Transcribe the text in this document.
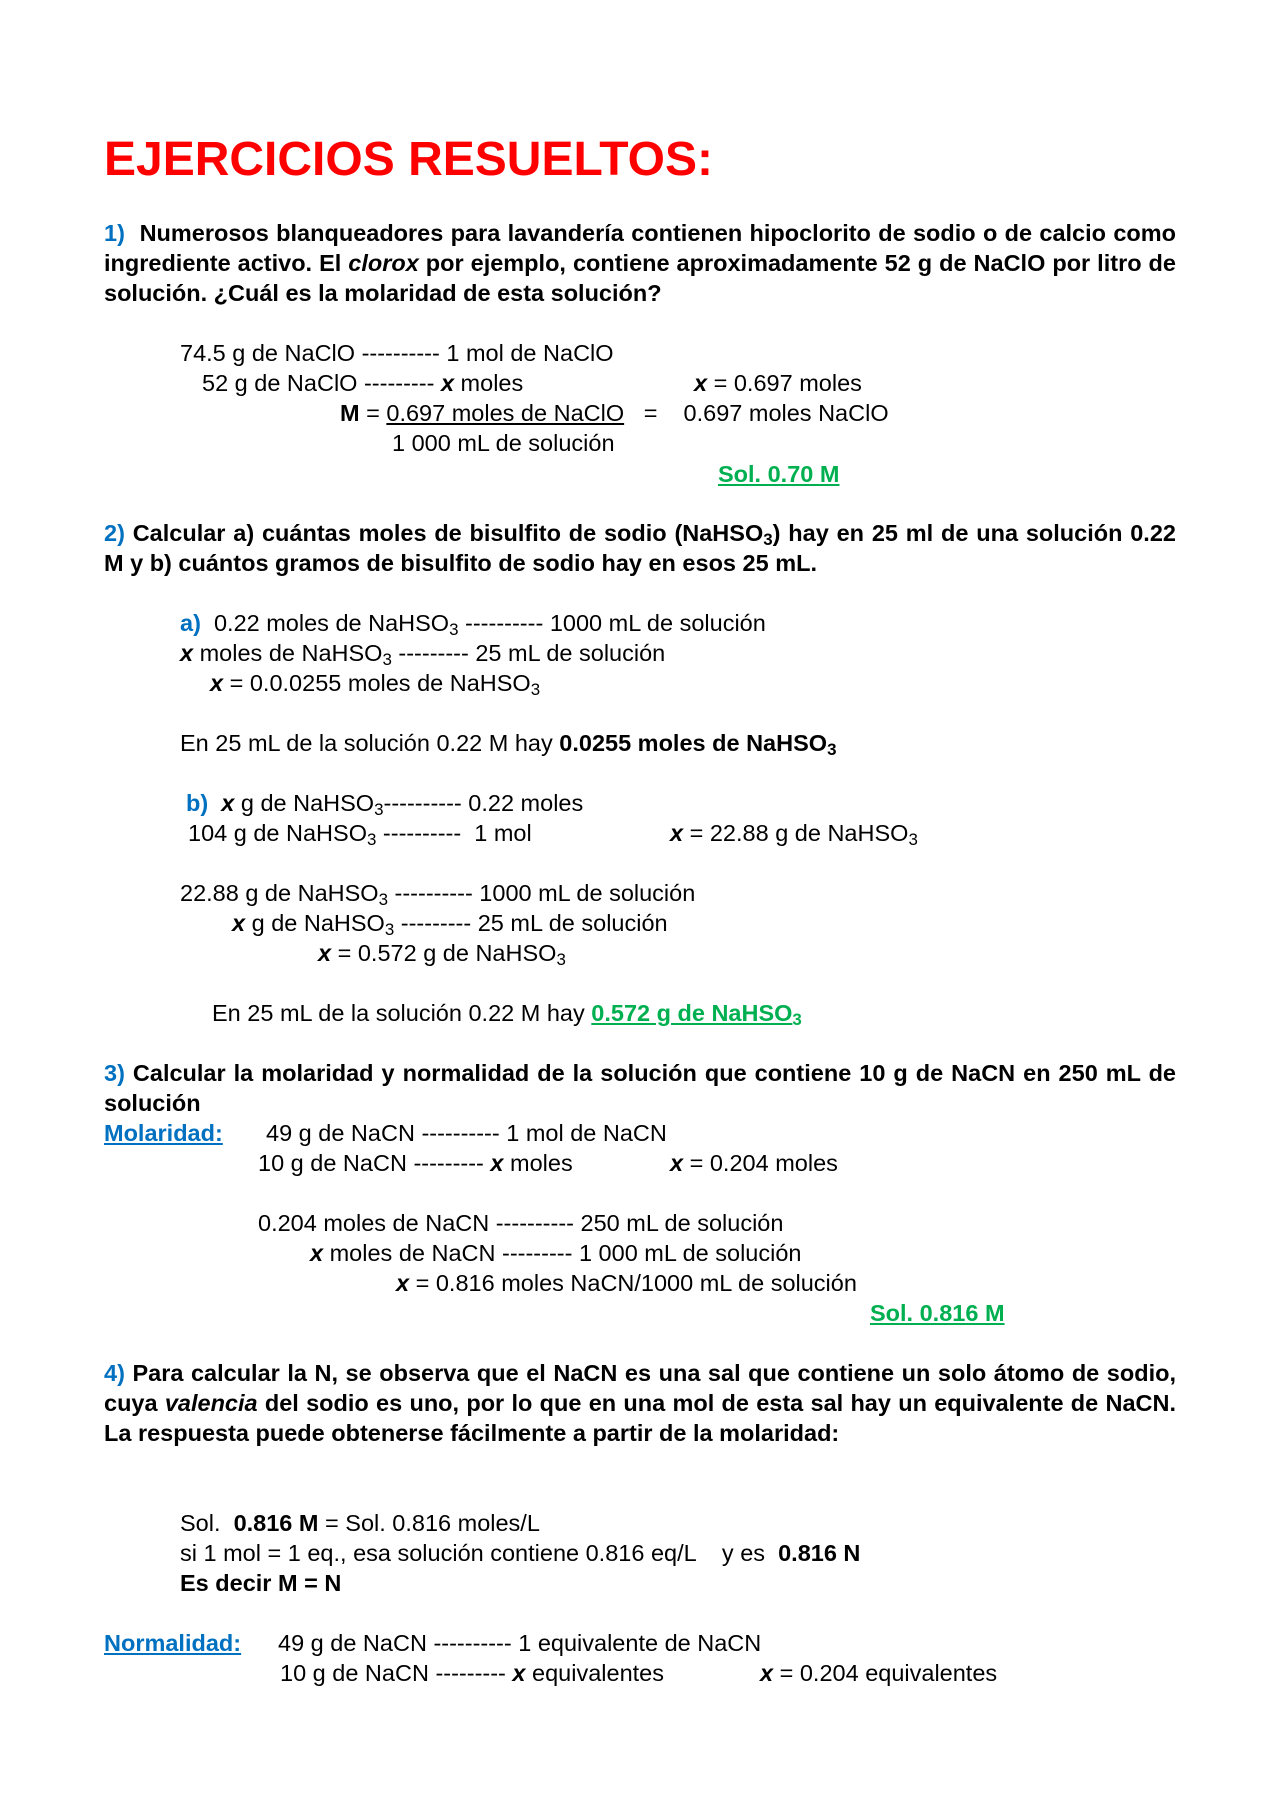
EJERCICIOS RESUELTOS:
1) Numerosos blanqueadores para lavandería contienen hipoclorito de sodio o de calcio como ingrediente activo. El clorox por ejemplo, contiene aproximadamente 52 g de NaClO por litro de solución. ¿Cuál es la molaridad de esta solución?
74.5 g de NaClO ---------- 1 mol de NaClO
52 g de NaClO --------- x moles	x = 0.697 moles
M = 0.697 moles de NaClO   =    0.697 moles NaClO
1 000 mL de solución
Sol. 0.70 M
2) Calcular a) cuántas moles de bisulfito de sodio (NaHSO$_3$) hay en 25 ml de una solución 0.22 M y b) cuántos gramos de bisulfito de sodio hay en esos 25 mL.
a) 0.22 moles de NaHSO$_3$ ---------- 1000 mL de solución
x moles de NaHSO$_3$ --------- 25 mL de solución
x = 0.0.0255 moles de NaHSO$_3$
En 25 mL de la solución 0.22 M hay 0.0255 moles de NaHSO$_3$
b) x g de NaHSO$_3$---------- 0.22 moles
104 g de NaHSO$_3$ ----------  1 mol	x = 22.88 g de NaHSO$_3$
22.88 g de NaHSO$_3$ ---------- 1000 mL de solución
x g de NaHSO$_3$ --------- 25 mL de solución
x = 0.572 g de NaHSO$_3$
En 25 mL de la solución 0.22 M hay 0.572 g de NaHSO$_3$
3) Calcular la molaridad y normalidad de la solución que contiene 10 g de NaCN en 250 mL de solución
Molaridad: 49 g de NaCN ---------- 1 mol de NaCN
10 g de NaCN --------- x moles	x = 0.204 moles
0.204 moles de NaCN ---------- 250 mL de solución
x moles de NaCN --------- 1 000 mL de solución
x = 0.816 moles NaCN/1000 mL de solución
Sol. 0.816 M
4) Para calcular la N, se observa que el NaCN es una sal que contiene un solo átomo de sodio, cuya valencia del sodio es uno, por lo que en una mol de esta sal hay un equivalente de NaCN. La respuesta puede obtenerse fácilmente a partir de la molaridad:
Sol.  0.816 M = Sol. 0.816 moles/L
si 1 mol = 1 eq., esa solución contiene 0.816 eq/L    y es  0.816 N
Es decir M = N
Normalidad: 49 g de NaCN ---------- 1 equivalente de NaCN
10 g de NaCN --------- x equivalentes	x = 0.204 equivalentes
